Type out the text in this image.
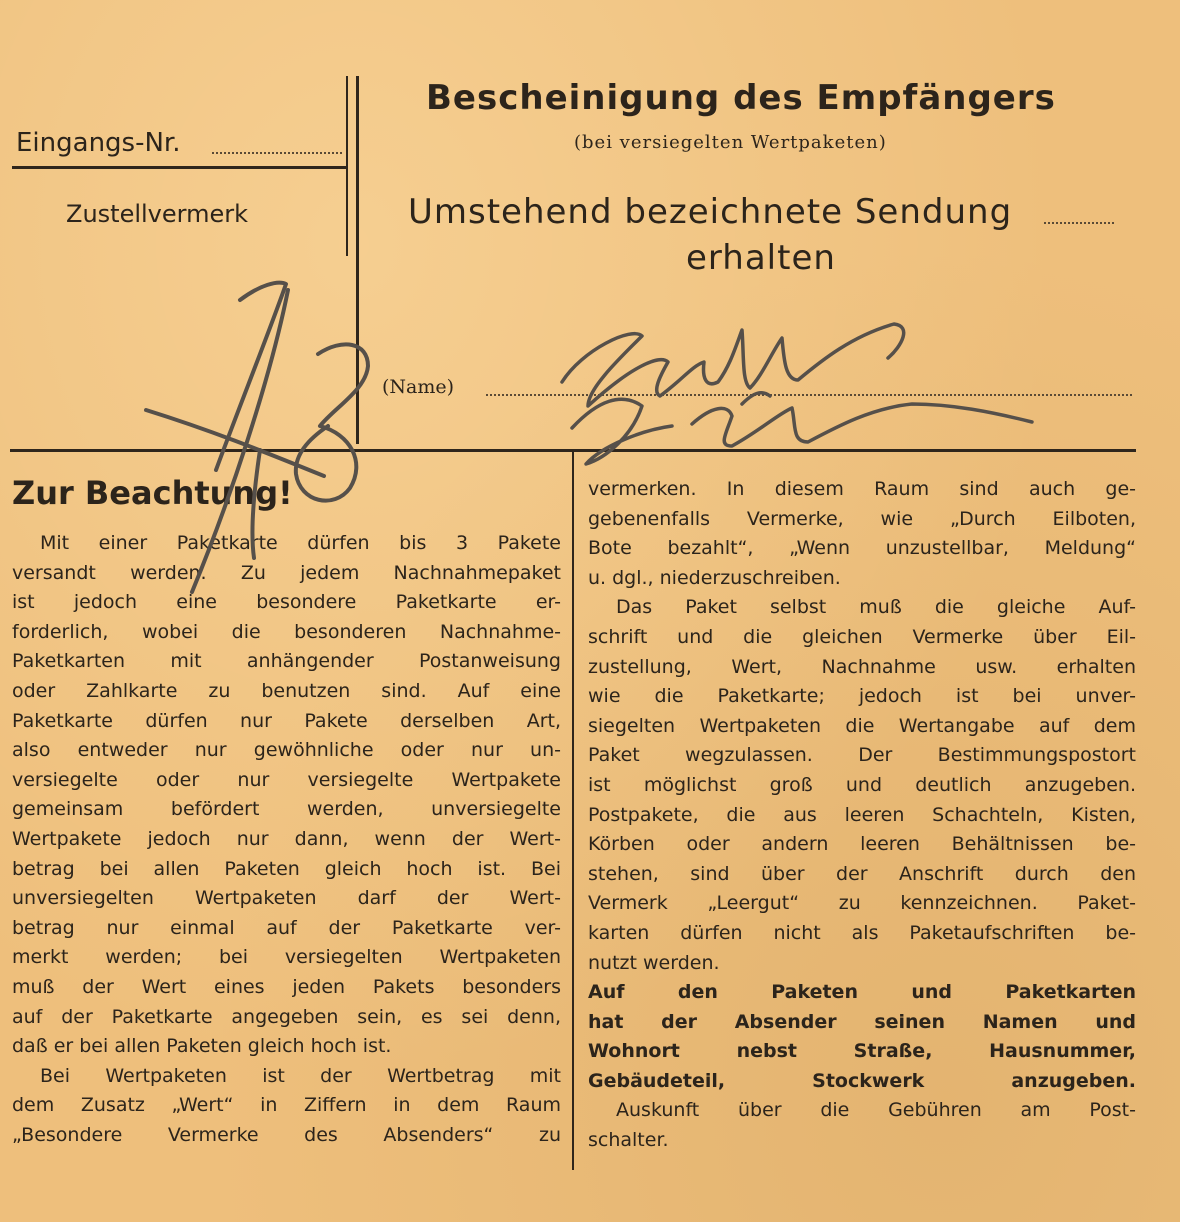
Eingangs-Nr.
Zustellvermerk
Bescheinigung des Empfängers
(bei versiegelten Wertpaketen)
Umstehend bezeichnete Sendung
erhalten
(Name)
Zur Beachtung!
Mit einer Paketkarte dürfen bis 3 Pakete
versandt werden. Zu jedem Nachnahmepaket
ist jedoch eine besondere Paketkarte er-
forderlich, wobei die besonderen Nachnahme-
Paketkarten mit anhängender Postanweisung
oder Zahlkarte zu benutzen sind. Auf eine
Paketkarte dürfen nur Pakete derselben Art,
also entweder nur gewöhnliche oder nur un-
versiegelte oder nur versiegelte Wertpakete
gemeinsam befördert werden, unversiegelte
Wertpakete jedoch nur dann, wenn der Wert-
betrag bei allen Paketen gleich hoch ist. Bei
unversiegelten Wertpaketen darf der Wert-
betrag nur einmal auf der Paketkarte ver-
merkt werden; bei versiegelten Wertpaketen
muß der Wert eines jeden Pakets besonders
auf der Paketkarte angegeben sein, es sei denn,
daß er bei allen Paketen gleich hoch ist.
Bei Wertpaketen ist der Wertbetrag mit
dem Zusatz „Wert“ in Ziffern in dem Raum
„Besondere Vermerke des Absenders“ zu
vermerken. In diesem Raum sind auch ge-
gebenenfalls Vermerke, wie „Durch Eilboten,
Bote bezahlt“, „Wenn unzustellbar, Meldung“
u. dgl., niederzuschreiben.
Das Paket selbst muß die gleiche Auf-
schrift und die gleichen Vermerke über Eil-
zustellung, Wert, Nachnahme usw. erhalten
wie die Paketkarte; jedoch ist bei unver-
siegelten Wertpaketen die Wertangabe auf dem
Paket wegzulassen. Der Bestimmungspostort
ist möglichst groß und deutlich anzugeben.
Postpakete, die aus leeren Schachteln, Kisten,
Körben oder andern leeren Behältnissen be-
stehen, sind über der Anschrift durch den
Vermerk „Leergut“ zu kennzeichnen. Paket-
karten dürfen nicht als Paketaufschriften be-
nutzt werden.
Auf den Paketen und Paketkarten
hat der Absender seinen Namen und
Wohnort nebst Straße, Hausnummer,
Gebäudeteil, Stockwerk anzugeben.
Auskunft über die Gebühren am Post-
schalter.
